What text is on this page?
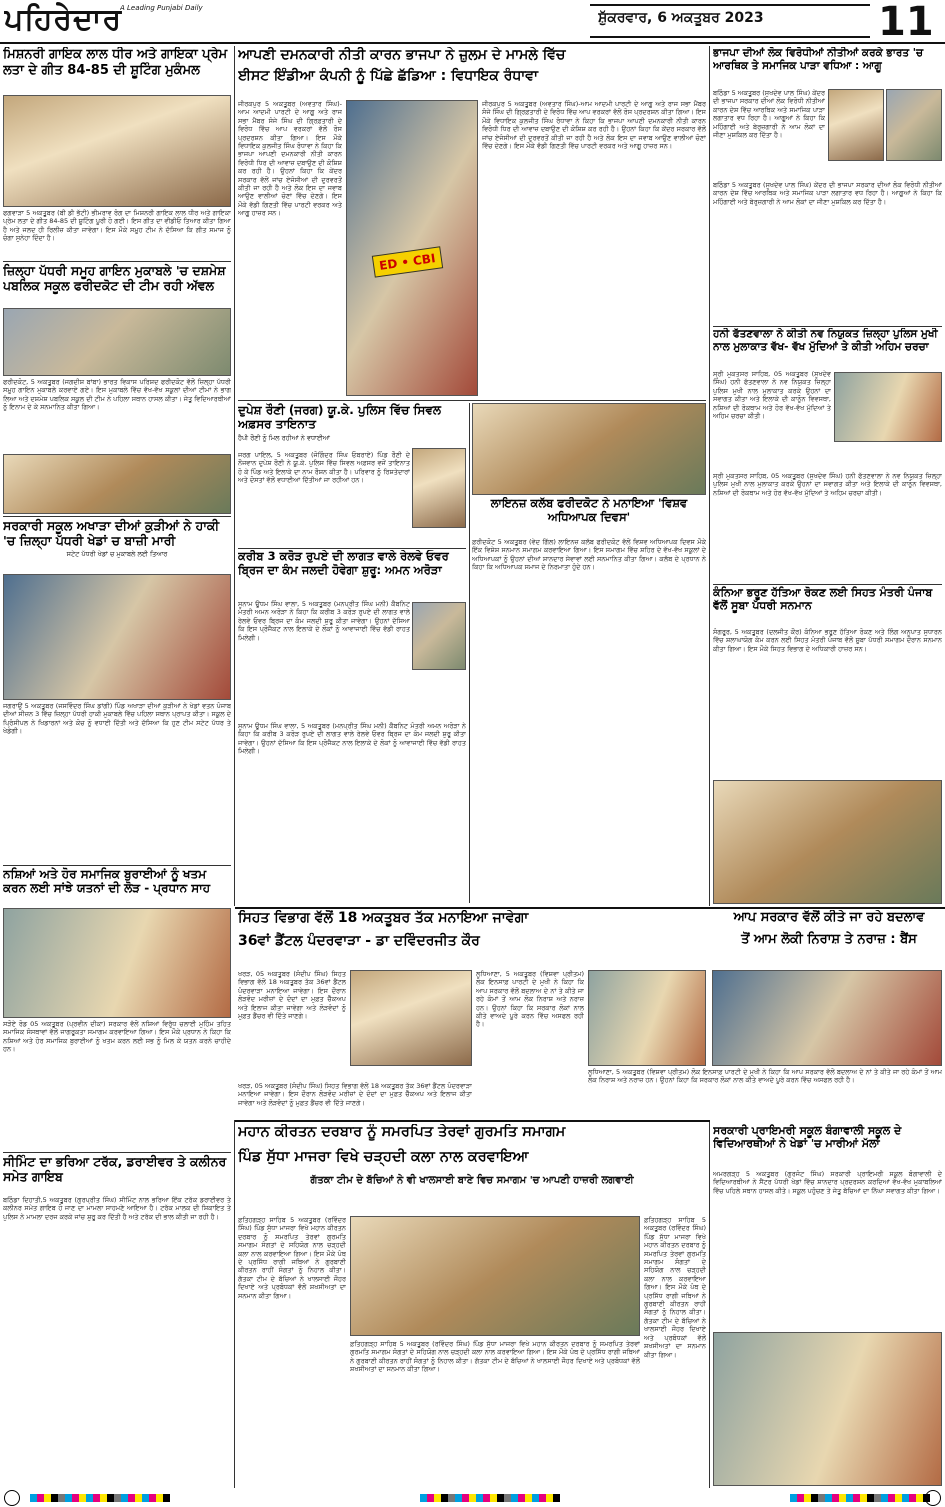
ਪਹਿਰੇਦਾਰ
A Leading Punjabi Daily
ਸ਼ੁੱਕਰਵਾਰ, 6 ਅਕਤੂਬਰ 2023	11
ਮਿਸ਼ਨਰੀ ਗਾਇਕ ਲਾਲ ਧੀਰ ਅਤੇ ਗਾਇਕਾ ਪ੍ਰੇਮ ਲਤਾ ਦੇ ਗੀਤ 84-85 ਦੀ ਸ਼ੂਟਿੰਗ ਮੁਕੰਮਲ
ਫਗਵਾੜਾ 5 ਅਕਤੂਬਰ (ਬੀ ਡੀ ਭੱਟੀ) ਭੀਮਰਾਵ ਰੰਗ ਦਾ ਮਿਸ਼ਨਰੀ ਗਾਇਕ ਲਾਲ ਧੀਰ ਅਤੇ ਗਾਇਕਾ ਪ੍ਰੇਮ ਲਤਾ ਦੇ ਗੀਤ 84-85 ਦੀ ਸ਼ੂਟਿੰਗ ਪੂਰੀ ਹੋ ਗਈ। ਇਸ ਗੀਤ ਦਾ ਵੀਡੀਓ ਤਿਆਰ ਕੀਤਾ ਗਿਆ ਹੈ ਅਤੇ ਜਲਦ ਹੀ ਰਿਲੀਜ਼ ਕੀਤਾ ਜਾਵੇਗਾ। ਇਸ ਮੌਕੇ ਸਮੂਹ ਟੀਮ ਨੇ ਦੱਸਿਆ ਕਿ ਗੀਤ ਸਮਾਜ ਨੂੰ ਚੰਗਾ ਸੁਨੇਹਾ ਦਿੰਦਾ ਹੈ।
ਜ਼ਿਲ੍ਹਾ ਪੱਧਰੀ ਸਮੂਹ ਗਾਇਨ ਮੁਕਾਬਲੇ 'ਚ ਦਸ਼ਮੇਸ਼ ਪਬਲਿਕ ਸਕੂਲ ਫਰੀਦਕੋਟ ਦੀ ਟੀਮ ਰਹੀ ਅੱਵਲ
ਫਰੀਦਕੋਟ, 5 ਅਕਤੂਬਰ (ਜਗਦੀਸ਼ ਬਾਂਬਾ) ਭਾਰਤ ਵਿਕਾਸ ਪਰਿਸ਼ਦ ਫਰੀਦਕੋਟ ਵੱਲੋਂ ਜ਼ਿਲ੍ਹਾ ਪੱਧਰੀ ਸਮੂਹ ਗਾਇਨ ਮੁਕਾਬਲੇ ਕਰਵਾਏ ਗਏ। ਇਸ ਮੁਕਾਬਲੇ ਵਿੱਚ ਵੱਖ-ਵੱਖ ਸਕੂਲਾਂ ਦੀਆਂ ਟੀਮਾਂ ਨੇ ਭਾਗ ਲਿਆ ਅਤੇ ਦਸ਼ਮੇਸ਼ ਪਬਲਿਕ ਸਕੂਲ ਦੀ ਟੀਮ ਨੇ ਪਹਿਲਾ ਸਥਾਨ ਹਾਸਲ ਕੀਤਾ। ਜੇਤੂ ਵਿਦਿਆਰਥੀਆਂ ਨੂੰ ਇਨਾਮ ਦੇ ਕੇ ਸਨਮਾਨਿਤ ਕੀਤਾ ਗਿਆ।
ਸਰਕਾਰੀ ਸਕੂਲ ਅਖਾੜਾ ਦੀਆਂ ਕੁੜੀਆਂ ਨੇ ਹਾਕੀ 'ਚ ਜ਼ਿਲ੍ਹਾ ਪੱਧਰੀ ਖੇਡਾਂ ਚ ਬਾਜ਼ੀ ਮਾਰੀ
ਸਟੇਟ ਪੱਧਰੀ ਖੇਡਾਂ ਚ ਮੁਕਾਬਲੇ ਲਈ ਤਿਆਰ
ਜਗਰਾਉਂ 5 ਅਕਤੂਬਰ (ਜਸਵਿੰਦਰ ਸਿੰਘ ਡਾਂਗੀ) ਪਿੰਡ ਅਖਾੜਾ ਦੀਆਂ ਕੁੜੀਆਂ ਨੇ ਖੇਡਾਂ ਵਤਨ ਪੰਜਾਬ ਦੀਆਂ ਸੀਜ਼ਨ 3 ਵਿੱਚ ਜ਼ਿਲ੍ਹਾ ਪੱਧਰੀ ਹਾਕੀ ਮੁਕਾਬਲੇ ਵਿੱਚ ਪਹਿਲਾ ਸਥਾਨ ਪ੍ਰਾਪਤ ਕੀਤਾ। ਸਕੂਲ ਦੇ ਪ੍ਰਿੰਸੀਪਲ ਨੇ ਖਿਡਾਰਨਾਂ ਅਤੇ ਕੋਚ ਨੂੰ ਵਧਾਈ ਦਿੱਤੀ ਅਤੇ ਦੱਸਿਆ ਕਿ ਹੁਣ ਟੀਮ ਸਟੇਟ ਪੱਧਰ ਤੇ ਖੇਡੇਗੀ।
ਨਸ਼ਿਆਂ ਅਤੇ ਹੋਰ ਸਮਾਜਿਕ ਬੁਰਾਈਆਂ ਨੂੰ ਖਤਮ ਕਰਨ ਲਈ ਸਾਂਝੇ ਯਤਨਾਂ ਦੀ ਲੋੜ - ਪ੍ਰਧਾਨ ਸਾਹ
ਸੜੋਏ ਰੋਡ 05 ਅਕਤੂਬਰ (ਪ੍ਰਵੀਨ ਦੀਕਾ) ਸਰਕਾਰ ਵੱਲੋਂ ਨਸ਼ਿਆਂ ਵਿਰੁੱਧ ਚਲਾਈ ਮੁਹਿੰਮ ਤਹਿਤ ਸਮਾਜਿਕ ਸੰਸਥਾਵਾਂ ਵੱਲੋਂ ਜਾਗਰੂਕਤਾ ਸਮਾਗਮ ਕਰਵਾਇਆ ਗਿਆ। ਇਸ ਮੌਕੇ ਪ੍ਰਧਾਨ ਨੇ ਕਿਹਾ ਕਿ ਨਸ਼ਿਆਂ ਅਤੇ ਹੋਰ ਸਮਾਜਿਕ ਬੁਰਾਈਆਂ ਨੂੰ ਖਤਮ ਕਰਨ ਲਈ ਸਭ ਨੂੰ ਮਿਲ ਕੇ ਯਤਨ ਕਰਨੇ ਚਾਹੀਦੇ ਹਨ।
ਸੀਮਿੰਟ ਦਾ ਭਰਿਆ ਟਰੱਕ, ਡਰਾਈਵਰ ਤੇ ਕਲੀਨਰ ਸਮੇਤ ਗਾਇਬ
ਬਠਿੰਡਾ ਦਿਹਾਤੀ,5 ਅਕਤੂਬਰ (ਗੁਰਪ੍ਰੀਤ ਸਿੰਘ) ਸੀਮਿੰਟ ਨਾਲ ਭਰਿਆ ਇੱਕ ਟਰੱਕ ਡਰਾਈਵਰ ਤੇ ਕਲੀਨਰ ਸਮੇਤ ਗਾਇਬ ਹੋ ਜਾਣ ਦਾ ਮਾਮਲਾ ਸਾਹਮਣੇ ਆਇਆ ਹੈ। ਟਰੱਕ ਮਾਲਕ ਦੀ ਸ਼ਿਕਾਇਤ ਤੇ ਪੁਲਿਸ ਨੇ ਮਾਮਲਾ ਦਰਜ ਕਰਕੇ ਜਾਂਚ ਸ਼ੁਰੂ ਕਰ ਦਿੱਤੀ ਹੈ ਅਤੇ ਟਰੱਕ ਦੀ ਭਾਲ ਕੀਤੀ ਜਾ ਰਹੀ ਹੈ।
ਆਪਣੀ ਦਮਨਕਾਰੀ ਨੀਤੀ ਕਾਰਨ ਭਾਜਪਾ ਨੇ ਜ਼ੁਲਮ ਦੇ ਮਾਮਲੇ ਵਿੱਚ
ਈਸਟ ਇੰਡੀਆ ਕੰਪਨੀ ਨੂੰ ਪਿੱਛੇ ਛੱਡਿਆ : ਵਿਧਾਇਕ ਰੰਧਾਵਾ
ਜੀਰਕਪੁਰ 5 ਅਕਤੂਬਰ (ਅਵਤਾਰ ਸਿੰਘ)-ਆਮ ਆਦਮੀ ਪਾਰਟੀ ਦੇ ਆਗੂ ਅਤੇ ਰਾਜ ਸਭਾ ਮੈਂਬਰ ਸੰਜੇ ਸਿੰਘ ਦੀ ਗ੍ਰਿਫ਼ਤਾਰੀ ਦੇ ਵਿਰੋਧ ਵਿੱਚ ਆਪ ਵਰਕਰਾਂ ਵੱਲੋਂ ਰੋਸ ਪ੍ਰਦਰਸ਼ਨ ਕੀਤਾ ਗਿਆ। ਇਸ ਮੌਕੇ ਵਿਧਾਇਕ ਕੁਲਜੀਤ ਸਿੰਘ ਰੰਧਾਵਾ ਨੇ ਕਿਹਾ ਕਿ ਭਾਜਪਾ ਆਪਣੀ ਦਮਨਕਾਰੀ ਨੀਤੀ ਕਾਰਨ ਵਿਰੋਧੀ ਧਿਰ ਦੀ ਆਵਾਜ਼ ਦਬਾਉਣ ਦੀ ਕੋਸ਼ਿਸ਼ ਕਰ ਰਹੀ ਹੈ। ਉਹਨਾਂ ਕਿਹਾ ਕਿ ਕੇਂਦਰ ਸਰਕਾਰ ਵੱਲੋਂ ਜਾਂਚ ਏਜੰਸੀਆਂ ਦੀ ਦੁਰਵਰਤੋਂ ਕੀਤੀ ਜਾ ਰਹੀ ਹੈ ਅਤੇ ਲੋਕ ਇਸ ਦਾ ਜਵਾਬ ਆਉਣ ਵਾਲੀਆਂ ਚੋਣਾਂ ਵਿੱਚ ਦੇਣਗੇ। ਇਸ ਮੌਕੇ ਵੱਡੀ ਗਿਣਤੀ ਵਿੱਚ ਪਾਰਟੀ ਵਰਕਰ ਅਤੇ ਆਗੂ ਹਾਜ਼ਰ ਸਨ।
ED • CBI
ਜੀਰਕਪੁਰ 5 ਅਕਤੂਬਰ (ਅਵਤਾਰ ਸਿੰਘ)-ਆਮ ਆਦਮੀ ਪਾਰਟੀ ਦੇ ਆਗੂ ਅਤੇ ਰਾਜ ਸਭਾ ਮੈਂਬਰ ਸੰਜੇ ਸਿੰਘ ਦੀ ਗ੍ਰਿਫ਼ਤਾਰੀ ਦੇ ਵਿਰੋਧ ਵਿੱਚ ਆਪ ਵਰਕਰਾਂ ਵੱਲੋਂ ਰੋਸ ਪ੍ਰਦਰਸ਼ਨ ਕੀਤਾ ਗਿਆ। ਇਸ ਮੌਕੇ ਵਿਧਾਇਕ ਕੁਲਜੀਤ ਸਿੰਘ ਰੰਧਾਵਾ ਨੇ ਕਿਹਾ ਕਿ ਭਾਜਪਾ ਆਪਣੀ ਦਮਨਕਾਰੀ ਨੀਤੀ ਕਾਰਨ ਵਿਰੋਧੀ ਧਿਰ ਦੀ ਆਵਾਜ਼ ਦਬਾਉਣ ਦੀ ਕੋਸ਼ਿਸ਼ ਕਰ ਰਹੀ ਹੈ। ਉਹਨਾਂ ਕਿਹਾ ਕਿ ਕੇਂਦਰ ਸਰਕਾਰ ਵੱਲੋਂ ਜਾਂਚ ਏਜੰਸੀਆਂ ਦੀ ਦੁਰਵਰਤੋਂ ਕੀਤੀ ਜਾ ਰਹੀ ਹੈ ਅਤੇ ਲੋਕ ਇਸ ਦਾ ਜਵਾਬ ਆਉਣ ਵਾਲੀਆਂ ਚੋਣਾਂ ਵਿੱਚ ਦੇਣਗੇ। ਇਸ ਮੌਕੇ ਵੱਡੀ ਗਿਣਤੀ ਵਿੱਚ ਪਾਰਟੀ ਵਰਕਰ ਅਤੇ ਆਗੂ ਹਾਜ਼ਰ ਸਨ।
ਦੁਪੇਸ਼ ਰੌਣੀ (ਜਰਗ) ਯੂ.ਕੇ. ਪੁਲਿਸ ਵਿੱਚ ਸਿਵਲ ਅਫ਼ਸਰ ਤਾਇਨਾਤ
ਹੈਪੀ ਰੌਣੀ ਨੂੰ ਮਿਲ ਰਹੀਆਂ ਨੇ ਵਧਾਈਆਂ
ਜਰਗ ਪਾਇਲ, 5 ਅਕਤੂਬਰ (ਜੋਗਿੰਦਰ ਸਿੰਘ ਓਬਰਾਏ) ਪਿੰਡ ਰੌਣੀ ਦੇ ਨੌਜਵਾਨ ਦੁਪੇਸ਼ ਰੌਣੀ ਨੇ ਯੂ.ਕੇ. ਪੁਲਿਸ ਵਿੱਚ ਸਿਵਲ ਅਫ਼ਸਰ ਵਜੋਂ ਤਾਇਨਾਤ ਹੋ ਕੇ ਪਿੰਡ ਅਤੇ ਇਲਾਕੇ ਦਾ ਨਾਮ ਰੌਸ਼ਨ ਕੀਤਾ ਹੈ। ਪਰਿਵਾਰ ਨੂੰ ਰਿਸ਼ਤੇਦਾਰਾਂ ਅਤੇ ਦੋਸਤਾਂ ਵੱਲੋਂ ਵਧਾਈਆਂ ਦਿੱਤੀਆਂ ਜਾ ਰਹੀਆਂ ਹਨ।
ਕਰੀਬ 3 ਕਰੋੜ ਰੁਪਏ ਦੀ ਲਾਗਤ ਵਾਲੇ ਰੇਲਵੇ ਓਵਰ ਬ੍ਰਿਜ ਦਾ ਕੰਮ ਜਲਦੀ ਹੋਵੇਗਾ ਸ਼ੁਰੂ: ਅਮਨ ਅਰੋੜਾ
ਸੁਨਾਮ ਊਧਮ ਸਿੰਘ ਵਾਲਾ, 5 ਅਕਤੂਬਰ (ਮਨਪ੍ਰੀਤ ਸਿੰਘ ਮਨੀ) ਕੈਬਨਿਟ ਮੰਤਰੀ ਅਮਨ ਅਰੋੜਾ ਨੇ ਕਿਹਾ ਕਿ ਕਰੀਬ 3 ਕਰੋੜ ਰੁਪਏ ਦੀ ਲਾਗਤ ਵਾਲੇ ਰੇਲਵੇ ਓਵਰ ਬ੍ਰਿਜ ਦਾ ਕੰਮ ਜਲਦੀ ਸ਼ੁਰੂ ਕੀਤਾ ਜਾਵੇਗਾ। ਉਹਨਾਂ ਦੱਸਿਆ ਕਿ ਇਸ ਪ੍ਰੋਜੈਕਟ ਨਾਲ ਇਲਾਕੇ ਦੇ ਲੋਕਾਂ ਨੂੰ ਆਵਾਜਾਈ ਵਿੱਚ ਵੱਡੀ ਰਾਹਤ ਮਿਲੇਗੀ।
ਸੁਨਾਮ ਊਧਮ ਸਿੰਘ ਵਾਲਾ, 5 ਅਕਤੂਬਰ (ਮਨਪ੍ਰੀਤ ਸਿੰਘ ਮਨੀ) ਕੈਬਨਿਟ ਮੰਤਰੀ ਅਮਨ ਅਰੋੜਾ ਨੇ ਕਿਹਾ ਕਿ ਕਰੀਬ 3 ਕਰੋੜ ਰੁਪਏ ਦੀ ਲਾਗਤ ਵਾਲੇ ਰੇਲਵੇ ਓਵਰ ਬ੍ਰਿਜ ਦਾ ਕੰਮ ਜਲਦੀ ਸ਼ੁਰੂ ਕੀਤਾ ਜਾਵੇਗਾ। ਉਹਨਾਂ ਦੱਸਿਆ ਕਿ ਇਸ ਪ੍ਰੋਜੈਕਟ ਨਾਲ ਇਲਾਕੇ ਦੇ ਲੋਕਾਂ ਨੂੰ ਆਵਾਜਾਈ ਵਿੱਚ ਵੱਡੀ ਰਾਹਤ ਮਿਲੇਗੀ।
ਲਾਇਨਜ਼ ਕਲੱਬ ਫਰੀਦਕੋਟ ਨੇ ਮਨਾਇਆ 'ਵਿਸ਼ਵ ਅਧਿਆਪਕ ਦਿਵਸ'
ਫ਼ਰੀਦਕੋਟ 5 ਅਕਤੂਬਰ (ਵੇਦ ਗਿੱਲ) ਲਾਇਨਜ਼ ਕਲੱਬ ਫਰੀਦਕੋਟ ਵੱਲੋਂ ਵਿਸ਼ਵ ਅਧਿਆਪਕ ਦਿਵਸ ਮੌਕੇ ਇੱਕ ਵਿਸ਼ੇਸ਼ ਸਨਮਾਨ ਸਮਾਗਮ ਕਰਵਾਇਆ ਗਿਆ। ਇਸ ਸਮਾਗਮ ਵਿੱਚ ਸ਼ਹਿਰ ਦੇ ਵੱਖ-ਵੱਖ ਸਕੂਲਾਂ ਦੇ ਅਧਿਆਪਕਾਂ ਨੂੰ ਉਹਨਾਂ ਦੀਆਂ ਸ਼ਾਨਦਾਰ ਸੇਵਾਵਾਂ ਲਈ ਸਨਮਾਨਿਤ ਕੀਤਾ ਗਿਆ। ਕਲੱਬ ਦੇ ਪ੍ਰਧਾਨ ਨੇ ਕਿਹਾ ਕਿ ਅਧਿਆਪਕ ਸਮਾਜ ਦੇ ਨਿਰਮਾਤਾ ਹੁੰਦੇ ਹਨ।
ਭਾਜਪਾ ਦੀਆਂ ਲੋਕ ਵਿਰੋਧੀਆਂ ਨੀਤੀਆਂ ਕਰਕੇ ਭਾਰਤ 'ਚ ਆਰਥਿਕ ਤੇ ਸਮਾਜਿਕ ਪਾੜਾ ਵਧਿਆ : ਆਗੂ
ਬਠਿੰਡਾ 5 ਅਕਤੂਬਰ (ਸੁਖਦੇਵ ਪਾਲ ਸਿੰਘ) ਕੇਂਦਰ ਦੀ ਭਾਜਪਾ ਸਰਕਾਰ ਦੀਆਂ ਲੋਕ ਵਿਰੋਧੀ ਨੀਤੀਆਂ ਕਾਰਨ ਦੇਸ਼ ਵਿੱਚ ਆਰਥਿਕ ਅਤੇ ਸਮਾਜਿਕ ਪਾੜਾ ਲਗਾਤਾਰ ਵਧ ਰਿਹਾ ਹੈ। ਆਗੂਆਂ ਨੇ ਕਿਹਾ ਕਿ ਮਹਿੰਗਾਈ ਅਤੇ ਬੇਰੁਜ਼ਗਾਰੀ ਨੇ ਆਮ ਲੋਕਾਂ ਦਾ ਜੀਣਾ ਮੁਸ਼ਕਿਲ ਕਰ ਦਿੱਤਾ ਹੈ।
ਬਠਿੰਡਾ 5 ਅਕਤੂਬਰ (ਸੁਖਦੇਵ ਪਾਲ ਸਿੰਘ) ਕੇਂਦਰ ਦੀ ਭਾਜਪਾ ਸਰਕਾਰ ਦੀਆਂ ਲੋਕ ਵਿਰੋਧੀ ਨੀਤੀਆਂ ਕਾਰਨ ਦੇਸ਼ ਵਿੱਚ ਆਰਥਿਕ ਅਤੇ ਸਮਾਜਿਕ ਪਾੜਾ ਲਗਾਤਾਰ ਵਧ ਰਿਹਾ ਹੈ। ਆਗੂਆਂ ਨੇ ਕਿਹਾ ਕਿ ਮਹਿੰਗਾਈ ਅਤੇ ਬੇਰੁਜ਼ਗਾਰੀ ਨੇ ਆਮ ਲੋਕਾਂ ਦਾ ਜੀਣਾ ਮੁਸ਼ਕਿਲ ਕਰ ਦਿੱਤਾ ਹੈ।
ਹਨੀ ਫੱਤਣਵਾਲਾ ਨੇ ਕੀਤੀ ਨਵ ਨਿਯੁਕਤ ਜ਼ਿਲ੍ਹਾ ਪੁਲਿਸ ਮੁਖੀ ਨਾਲ ਮੁਲਾਕਾਤ ਵੱਖ- ਵੱਖ ਮੁੱਦਿਆਂ ਤੇ ਕੀਤੀ ਅਹਿਮ ਚਰਚਾ
ਸ੍ਰੀ ਮੁਕਤਸਰ ਸਾਹਿਬ, 05 ਅਕਤੂਬਰ (ਸੁਖਦੇਵ ਸਿੰਘ) ਹਨੀ ਫੱਤਣਵਾਲਾ ਨੇ ਨਵ ਨਿਯੁਕਤ ਜ਼ਿਲ੍ਹਾ ਪੁਲਿਸ ਮੁਖੀ ਨਾਲ ਮੁਲਾਕਾਤ ਕਰਕੇ ਉਹਨਾਂ ਦਾ ਸਵਾਗਤ ਕੀਤਾ ਅਤੇ ਇਲਾਕੇ ਦੀ ਕਾਨੂੰਨ ਵਿਵਸਥਾ, ਨਸ਼ਿਆਂ ਦੀ ਰੋਕਥਾਮ ਅਤੇ ਹੋਰ ਵੱਖ-ਵੱਖ ਮੁੱਦਿਆਂ ਤੇ ਅਹਿਮ ਚਰਚਾ ਕੀਤੀ।
ਸ੍ਰੀ ਮੁਕਤਸਰ ਸਾਹਿਬ, 05 ਅਕਤੂਬਰ (ਸੁਖਦੇਵ ਸਿੰਘ) ਹਨੀ ਫੱਤਣਵਾਲਾ ਨੇ ਨਵ ਨਿਯੁਕਤ ਜ਼ਿਲ੍ਹਾ ਪੁਲਿਸ ਮੁਖੀ ਨਾਲ ਮੁਲਾਕਾਤ ਕਰਕੇ ਉਹਨਾਂ ਦਾ ਸਵਾਗਤ ਕੀਤਾ ਅਤੇ ਇਲਾਕੇ ਦੀ ਕਾਨੂੰਨ ਵਿਵਸਥਾ, ਨਸ਼ਿਆਂ ਦੀ ਰੋਕਥਾਮ ਅਤੇ ਹੋਰ ਵੱਖ-ਵੱਖ ਮੁੱਦਿਆਂ ਤੇ ਅਹਿਮ ਚਰਚਾ ਕੀਤੀ।
ਕੰਨਿਆ ਭਰੂਣ ਹੱਤਿਆ ਰੋਕਣ ਲਈ ਸਿਹਤ ਮੰਤਰੀ ਪੰਜਾਬ ਵੱਲੋਂ ਸੂਬਾ ਪੱਧਰੀ ਸਨਮਾਨ
ਸੰਗਰੂਰ, 5 ਅਕਤੂਬਰ (ਦਲਜੀਤ ਕੌਰ) ਕੰਨਿਆ ਭਰੂਣ ਹੱਤਿਆ ਰੋਕਣ ਅਤੇ ਲਿੰਗ ਅਨੁਪਾਤ ਸੁਧਾਰਨ ਵਿੱਚ ਸ਼ਲਾਘਾਯੋਗ ਕੰਮ ਕਰਨ ਲਈ ਸਿਹਤ ਮੰਤਰੀ ਪੰਜਾਬ ਵੱਲੋਂ ਸੂਬਾ ਪੱਧਰੀ ਸਮਾਗਮ ਦੌਰਾਨ ਸਨਮਾਨ ਕੀਤਾ ਗਿਆ। ਇਸ ਮੌਕੇ ਸਿਹਤ ਵਿਭਾਗ ਦੇ ਅਧਿਕਾਰੀ ਹਾਜ਼ਰ ਸਨ।
ਸਿਹਤ ਵਿਭਾਗ ਵੱਲੋਂ 18 ਅਕਤੂਬਰ ਤੱਕ ਮਨਾਇਆ ਜਾਵੇਗਾ
36ਵਾਂ ਡੈਂਟਲ ਪੰਦਰਵਾੜਾ - ਡਾ ਦਵਿੰਦਰਜੀਤ ਕੌਰ
ਆਪ ਸਰਕਾਰ ਵੱਲੋਂ ਕੀਤੇ ਜਾ ਰਹੇ ਬਦਲਾਵ
ਤੋਂ ਆਮ ਲੋਕੀ ਨਿਰਾਸ਼ ਤੇ ਨਰਾਜ਼ : ਬੈਂਸ
ਖਰੜ, 05 ਅਕਤੂਬਰ (ਸੰਦੀਪ ਸਿੰਘ) ਸਿਹਤ ਵਿਭਾਗ ਵੱਲੋਂ 18 ਅਕਤੂਬਰ ਤੱਕ 36ਵਾਂ ਡੈਂਟਲ ਪੰਦਰਵਾੜਾ ਮਨਾਇਆ ਜਾਵੇਗਾ। ਇਸ ਦੌਰਾਨ ਲੋੜਵੰਦ ਮਰੀਜ਼ਾਂ ਦੇ ਦੰਦਾਂ ਦਾ ਮੁਫ਼ਤ ਚੈੱਕਅਪ ਅਤੇ ਇਲਾਜ ਕੀਤਾ ਜਾਵੇਗਾ ਅਤੇ ਲੋੜਵੰਦਾਂ ਨੂੰ ਮੁਫ਼ਤ ਡੈਂਚਰ ਵੀ ਦਿੱਤੇ ਜਾਣਗੇ।
ਖਰੜ, 05 ਅਕਤੂਬਰ (ਸੰਦੀਪ ਸਿੰਘ) ਸਿਹਤ ਵਿਭਾਗ ਵੱਲੋਂ 18 ਅਕਤੂਬਰ ਤੱਕ 36ਵਾਂ ਡੈਂਟਲ ਪੰਦਰਵਾੜਾ ਮਨਾਇਆ ਜਾਵੇਗਾ। ਇਸ ਦੌਰਾਨ ਲੋੜਵੰਦ ਮਰੀਜ਼ਾਂ ਦੇ ਦੰਦਾਂ ਦਾ ਮੁਫ਼ਤ ਚੈੱਕਅਪ ਅਤੇ ਇਲਾਜ ਕੀਤਾ ਜਾਵੇਗਾ ਅਤੇ ਲੋੜਵੰਦਾਂ ਨੂੰ ਮੁਫ਼ਤ ਡੈਂਚਰ ਵੀ ਦਿੱਤੇ ਜਾਣਗੇ।
ਲੁਧਿਆਣਾ, 5 ਅਕਤੂਬਰ (ਵਿਸ਼ਵਾ ਪ੍ਰੀਤਮ) ਲੋਕ ਇਨਸਾਫ਼ ਪਾਰਟੀ ਦੇ ਮੁਖੀ ਨੇ ਕਿਹਾ ਕਿ ਆਪ ਸਰਕਾਰ ਵੱਲੋਂ ਬਦਲਾਅ ਦੇ ਨਾਂ ਤੇ ਕੀਤੇ ਜਾ ਰਹੇ ਕੰਮਾਂ ਤੋਂ ਆਮ ਲੋਕ ਨਿਰਾਸ਼ ਅਤੇ ਨਰਾਜ਼ ਹਨ। ਉਹਨਾਂ ਕਿਹਾ ਕਿ ਸਰਕਾਰ ਲੋਕਾਂ ਨਾਲ ਕੀਤੇ ਵਾਅਦੇ ਪੂਰੇ ਕਰਨ ਵਿੱਚ ਅਸਫਲ ਰਹੀ ਹੈ।
ਲੁਧਿਆਣਾ, 5 ਅਕਤੂਬਰ (ਵਿਸ਼ਵਾ ਪ੍ਰੀਤਮ) ਲੋਕ ਇਨਸਾਫ਼ ਪਾਰਟੀ ਦੇ ਮੁਖੀ ਨੇ ਕਿਹਾ ਕਿ ਆਪ ਸਰਕਾਰ ਵੱਲੋਂ ਬਦਲਾਅ ਦੇ ਨਾਂ ਤੇ ਕੀਤੇ ਜਾ ਰਹੇ ਕੰਮਾਂ ਤੋਂ ਆਮ ਲੋਕ ਨਿਰਾਸ਼ ਅਤੇ ਨਰਾਜ਼ ਹਨ। ਉਹਨਾਂ ਕਿਹਾ ਕਿ ਸਰਕਾਰ ਲੋਕਾਂ ਨਾਲ ਕੀਤੇ ਵਾਅਦੇ ਪੂਰੇ ਕਰਨ ਵਿੱਚ ਅਸਫਲ ਰਹੀ ਹੈ।
ਮਹਾਨ ਕੀਰਤਨ ਦਰਬਾਰ ਨੂੰ ਸਮਰਪਿਤ ਤੇਰਵਾਂ ਗੁਰਮਤਿ ਸਮਾਗਮ
ਪਿੰਡ ਸੁੱਧਾ ਮਾਜਰਾ ਵਿਖੇ ਚੜ੍ਹਦੀ ਕਲਾ ਨਾਲ ਕਰਵਾਇਆ
ਗੱਤਕਾ ਟੀਮ ਦੇ ਬੱਚਿਆਂ ਨੇ ਵੀ ਖਾਲਸਾਈ ਬਾਣੇ ਵਿਚ ਸਮਾਗਮ 'ਚ ਆਪਣੀ ਹਾਜ਼ਰੀ ਲਗਵਾਈ
ਫ਼ਤਿਹਗੜ੍ਹ ਸਾਹਿਬ 5 ਅਕਤੂਬਰ (ਰਵਿੰਦਰ ਸਿੰਘ) ਪਿੰਡ ਸੁੱਧਾ ਮਾਜਰਾ ਵਿਖੇ ਮਹਾਨ ਕੀਰਤਨ ਦਰਬਾਰ ਨੂੰ ਸਮਰਪਿਤ ਤੇਰਵਾਂ ਗੁਰਮਤਿ ਸਮਾਗਮ ਸੰਗਤਾਂ ਦੇ ਸਹਿਯੋਗ ਨਾਲ ਚੜ੍ਹਦੀ ਕਲਾ ਨਾਲ ਕਰਵਾਇਆ ਗਿਆ। ਇਸ ਮੌਕੇ ਪੰਥ ਦੇ ਪ੍ਰਸਿੱਧ ਰਾਗੀ ਜਥਿਆਂ ਨੇ ਗੁਰਬਾਣੀ ਕੀਰਤਨ ਰਾਹੀਂ ਸੰਗਤਾਂ ਨੂੰ ਨਿਹਾਲ ਕੀਤਾ। ਗੱਤਕਾ ਟੀਮ ਦੇ ਬੱਚਿਆਂ ਨੇ ਖਾਲਸਾਈ ਜੌਹਰ ਦਿਖਾਏ ਅਤੇ ਪ੍ਰਬੰਧਕਾਂ ਵੱਲੋਂ ਸ਼ਖਸੀਅਤਾਂ ਦਾ ਸਨਮਾਨ ਕੀਤਾ ਗਿਆ।
ਫ਼ਤਿਹਗੜ੍ਹ ਸਾਹਿਬ 5 ਅਕਤੂਬਰ (ਰਵਿੰਦਰ ਸਿੰਘ) ਪਿੰਡ ਸੁੱਧਾ ਮਾਜਰਾ ਵਿਖੇ ਮਹਾਨ ਕੀਰਤਨ ਦਰਬਾਰ ਨੂੰ ਸਮਰਪਿਤ ਤੇਰਵਾਂ ਗੁਰਮਤਿ ਸਮਾਗਮ ਸੰਗਤਾਂ ਦੇ ਸਹਿਯੋਗ ਨਾਲ ਚੜ੍ਹਦੀ ਕਲਾ ਨਾਲ ਕਰਵਾਇਆ ਗਿਆ। ਇਸ ਮੌਕੇ ਪੰਥ ਦੇ ਪ੍ਰਸਿੱਧ ਰਾਗੀ ਜਥਿਆਂ ਨੇ ਗੁਰਬਾਣੀ ਕੀਰਤਨ ਰਾਹੀਂ ਸੰਗਤਾਂ ਨੂੰ ਨਿਹਾਲ ਕੀਤਾ। ਗੱਤਕਾ ਟੀਮ ਦੇ ਬੱਚਿਆਂ ਨੇ ਖਾਲਸਾਈ ਜੌਹਰ ਦਿਖਾਏ ਅਤੇ ਪ੍ਰਬੰਧਕਾਂ ਵੱਲੋਂ ਸ਼ਖਸੀਅਤਾਂ ਦਾ ਸਨਮਾਨ ਕੀਤਾ ਗਿਆ।
ਫ਼ਤਿਹਗੜ੍ਹ ਸਾਹਿਬ 5 ਅਕਤੂਬਰ (ਰਵਿੰਦਰ ਸਿੰਘ) ਪਿੰਡ ਸੁੱਧਾ ਮਾਜਰਾ ਵਿਖੇ ਮਹਾਨ ਕੀਰਤਨ ਦਰਬਾਰ ਨੂੰ ਸਮਰਪਿਤ ਤੇਰਵਾਂ ਗੁਰਮਤਿ ਸਮਾਗਮ ਸੰਗਤਾਂ ਦੇ ਸਹਿਯੋਗ ਨਾਲ ਚੜ੍ਹਦੀ ਕਲਾ ਨਾਲ ਕਰਵਾਇਆ ਗਿਆ। ਇਸ ਮੌਕੇ ਪੰਥ ਦੇ ਪ੍ਰਸਿੱਧ ਰਾਗੀ ਜਥਿਆਂ ਨੇ ਗੁਰਬਾਣੀ ਕੀਰਤਨ ਰਾਹੀਂ ਸੰਗਤਾਂ ਨੂੰ ਨਿਹਾਲ ਕੀਤਾ। ਗੱਤਕਾ ਟੀਮ ਦੇ ਬੱਚਿਆਂ ਨੇ ਖਾਲਸਾਈ ਜੌਹਰ ਦਿਖਾਏ ਅਤੇ ਪ੍ਰਬੰਧਕਾਂ ਵੱਲੋਂ ਸ਼ਖਸੀਅਤਾਂ ਦਾ ਸਨਮਾਨ ਕੀਤਾ ਗਿਆ।
ਸਰਕਾਰੀ ਪ੍ਰਾਇਮਰੀ ਸਕੂਲ ਬੰਗਾਵਾਲੀ ਸਕੂਲ ਦੇ ਵਿਦਿਆਰਥੀਆਂ ਨੇ ਖੇਡਾਂ 'ਚ ਮਾਰੀਆਂ ਮੱਲਾਂ
ਅਮਰਗੜ੍ਹ 5 ਅਕਤੂਬਰ (ਗੁਰਜੰਟ ਸਿੰਘ) ਸਰਕਾਰੀ ਪ੍ਰਾਇਮਰੀ ਸਕੂਲ ਬੰਗਾਵਾਲੀ ਦੇ ਵਿਦਿਆਰਥੀਆਂ ਨੇ ਸੈਂਟਰ ਪੱਧਰੀ ਖੇਡਾਂ ਵਿੱਚ ਸ਼ਾਨਦਾਰ ਪ੍ਰਦਰਸ਼ਨ ਕਰਦਿਆਂ ਵੱਖ-ਵੱਖ ਮੁਕਾਬਲਿਆਂ ਵਿੱਚ ਪਹਿਲੇ ਸਥਾਨ ਹਾਸਲ ਕੀਤੇ। ਸਕੂਲ ਪਹੁੰਚਣ ਤੇ ਜੇਤੂ ਬੱਚਿਆਂ ਦਾ ਨਿੱਘਾ ਸਵਾਗਤ ਕੀਤਾ ਗਿਆ।
